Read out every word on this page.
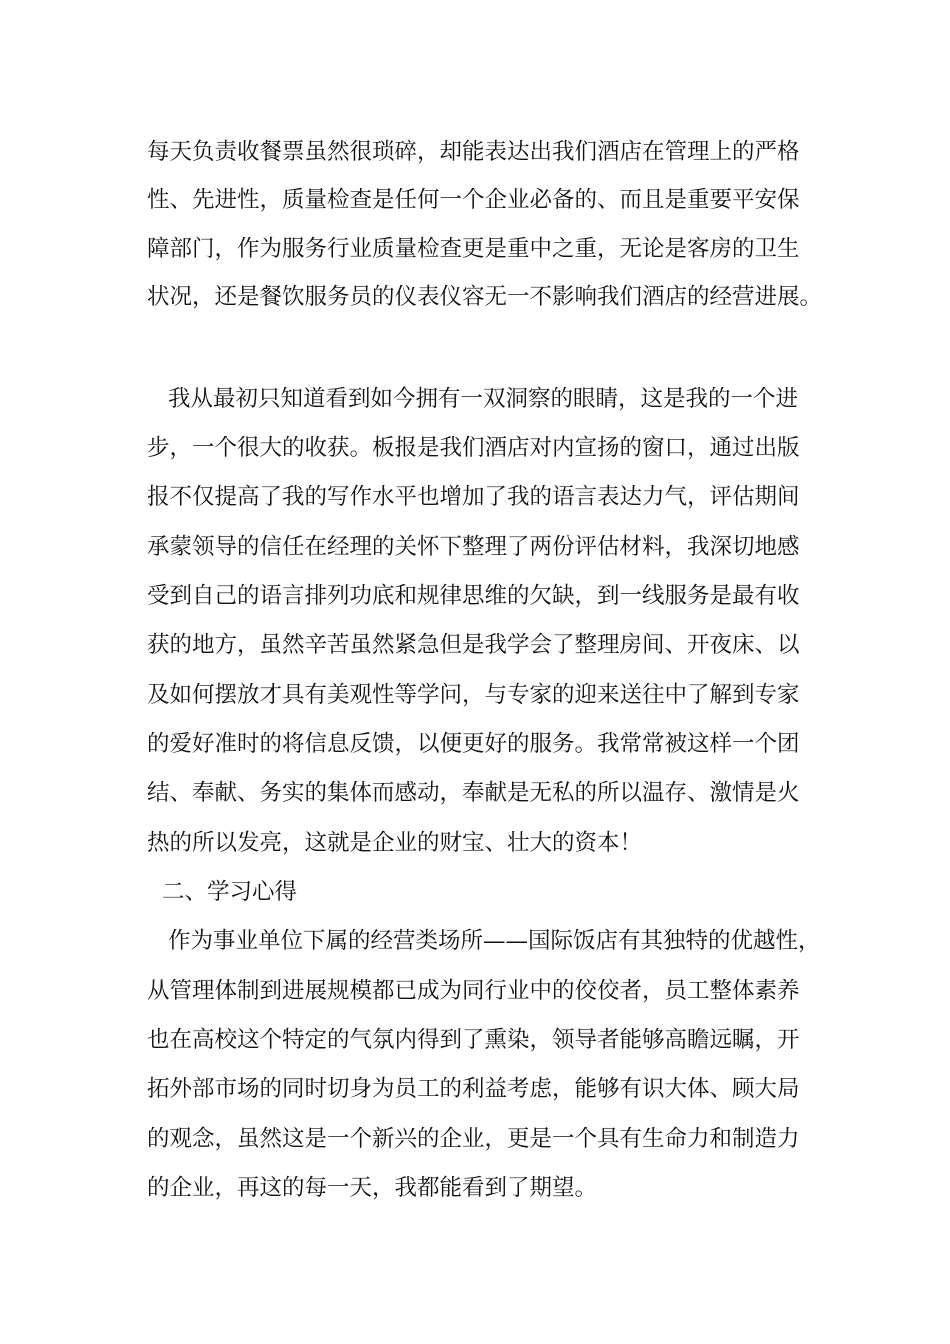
每天负责收餐票虽然很琐碎，却能表达出我们酒店在管理上的严格

性、先进性，质量检查是任何一个企业必备的、而且是重要平安保

障部门，作为服务行业质量检查更是重中之重，无论是客房的卫生

状况，还是餐饮服务员的仪表仪容无一不影响我们酒店的经营进展。

我从最初只知道看到如今拥有一双洞察的眼睛，这是我的一个进

步，一个很大的收获。板报是我们酒店对内宣扬的窗口，通过出版

报不仅提高了我的写作水平也增加了我的语言表达力气，评估期间

承蒙领导的信任在经理的关怀下整理了两份评估材料，我深切地感

受到自己的语言排列功底和规律思维的欠缺，到一线服务是最有收

获的地方，虽然辛苦虽然紧急但是我学会了整理房间、开夜床、以

及如何摆放才具有美观性等学问，与专家的迎来送往中了解到专家

的爱好准时的将信息反馈，以便更好的服务。我常常被这样一个团

结、奉献、务实的集体而感动，奉献是无私的所以温存、激情是火

热的所以发亮，这就是企业的财宝、壮大的资本！

二、学习心得

作为事业单位下属的经营类场所——国际饭店有其独特的优越性，

从管理体制到进展规模都已成为同行业中的佼佼者，员工整体素养

也在高校这个特定的气氛内得到了熏染，领导者能够高瞻远瞩，开

拓外部市场的同时切身为员工的利益考虑，能够有识大体、顾大局

的观念，虽然这是一个新兴的企业，更是一个具有生命力和制造力

的企业，再这的每一天，我都能看到了期望。
